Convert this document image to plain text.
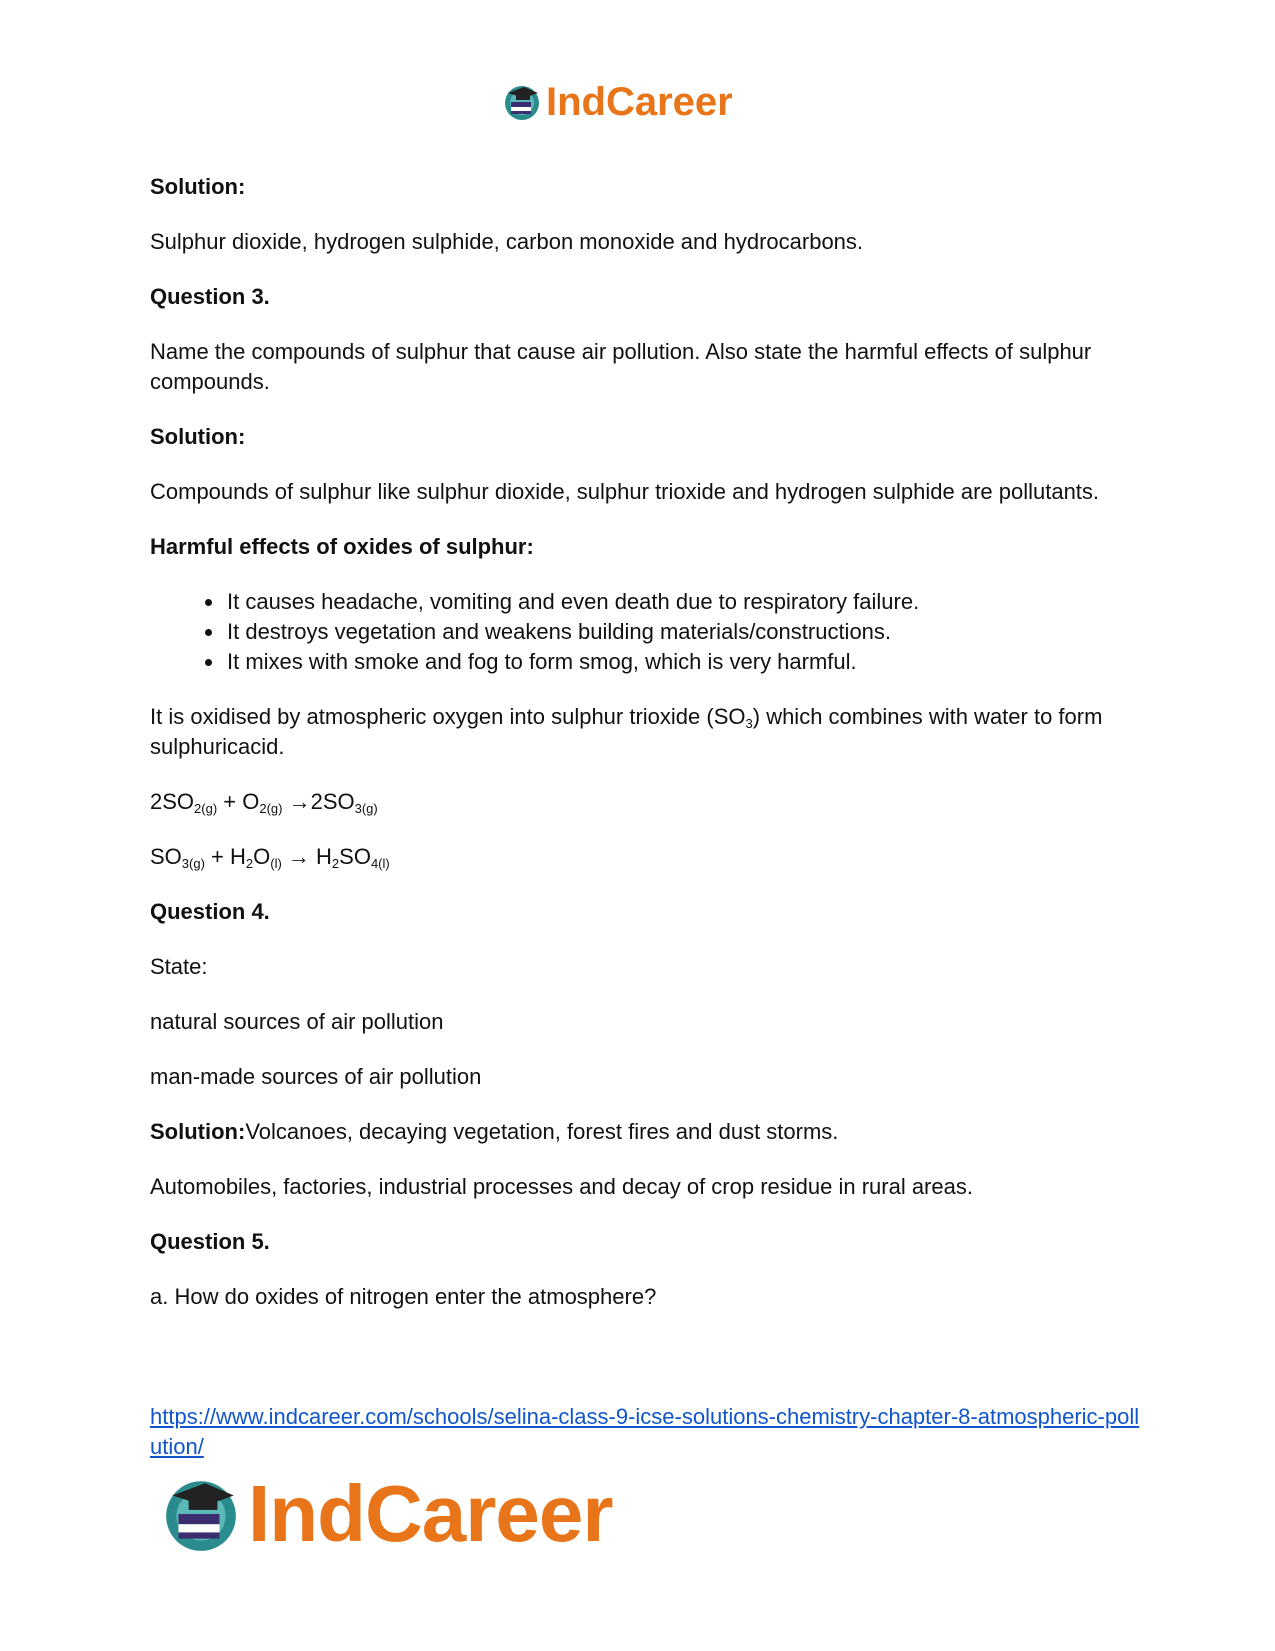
IndCareer

Solution:

Sulphur dioxide, hydrogen sulphide, carbon monoxide and hydrocarbons.

Question 3.

Name the compounds of sulphur that cause air pollution. Also state the harmful effects of sulphur compounds.

Solution:

Compounds of sulphur like sulphur dioxide, sulphur trioxide and hydrogen sulphide are pollutants.

Harmful effects of oxides of sulphur:

• It causes headache, vomiting and even death due to respiratory failure.
• It destroys vegetation and weakens building materials/constructions.
• It mixes with smoke and fog to form smog, which is very harmful.

It is oxidised by atmospheric oxygen into sulphur trioxide $(SO_3)$ which combines with water to form sulphuricacid.

$2SO_{2(g)} + O_{2(g)} \to 2SO_{3(g)}$

$SO_{3(g)} + H_2O_{(l)} \to H_2SO_{4(l)}$

Question 4.

State:

natural sources of air pollution

man-made sources of air pollution

Solution:Volcanoes, decaying vegetation, forest fires and dust storms.

Automobiles, factories, industrial processes and decay of crop residue in rural areas.

Question 5.

a. How do oxides of nitrogen enter the atmosphere?

https://www.indcareer.com/schools/selina-class-9-icse-solutions-chemistry-chapter-8-atmospheric-pollution/
IndCareer
